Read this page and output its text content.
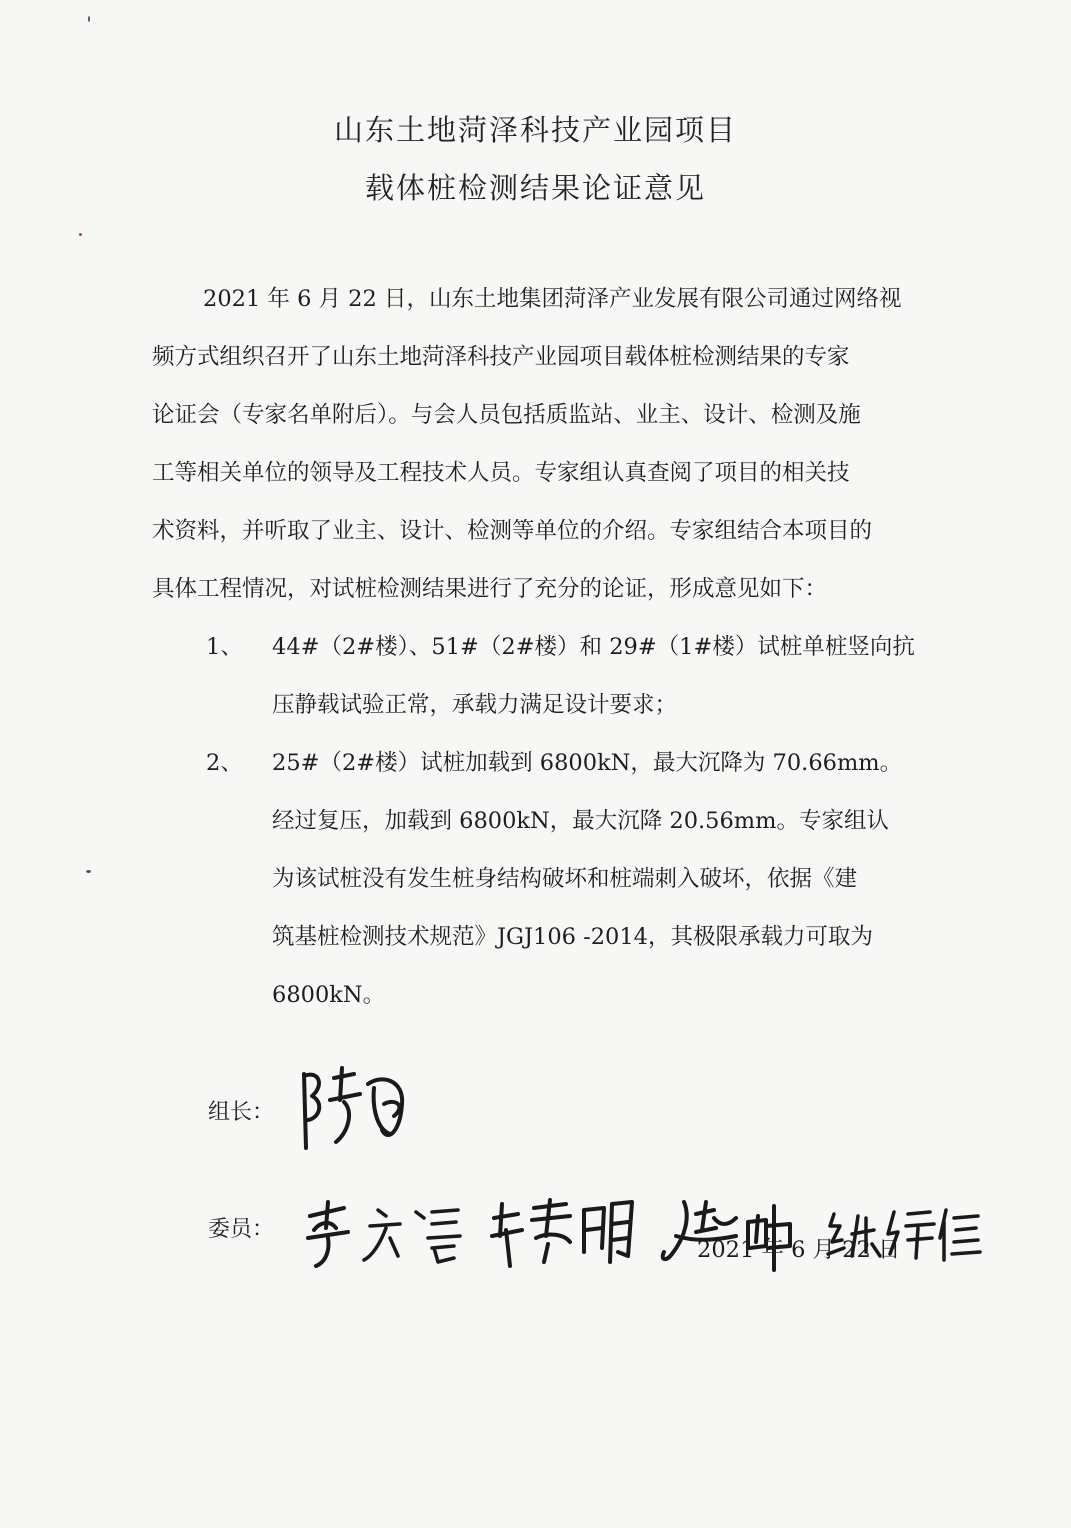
山东土地菏泽科技产业园项目
载体桩检测结果论证意见
2021 年 6 月 22 日，山东土地集团菏泽产业发展有限公司通过网络视
频方式组织召开了山东土地菏泽科技产业园项目载体桩检测结果的专家
论证会（专家名单附后）。与会人员包括质监站、业主、设计、检测及施
工等相关单位的领导及工程技术人员。专家组认真查阅了项目的相关技
术资料，并听取了业主、设计、检测等单位的介绍。专家组结合本项目的
具体工程情况，对试桩检测结果进行了充分的论证，形成意见如下：
1、 44#（2#楼）、51#（2#楼）和 29#（1#楼）试桩单桩竖向抗
压静载试验正常，承载力满足设计要求；
2、 25#（2#楼）试桩加载到 6800kN，最大沉降为 70.66mm。
经过复压，加载到 6800kN，最大沉降 20.56mm。专家组认
为该试桩没有发生桩身结构破坏和桩端刺入破坏，依据《建
筑基桩检测技术规范》JGJ106 -2014，其极限承载力可取为
6800kN。
组长：
委员：
2021 年 6 月 22 日
